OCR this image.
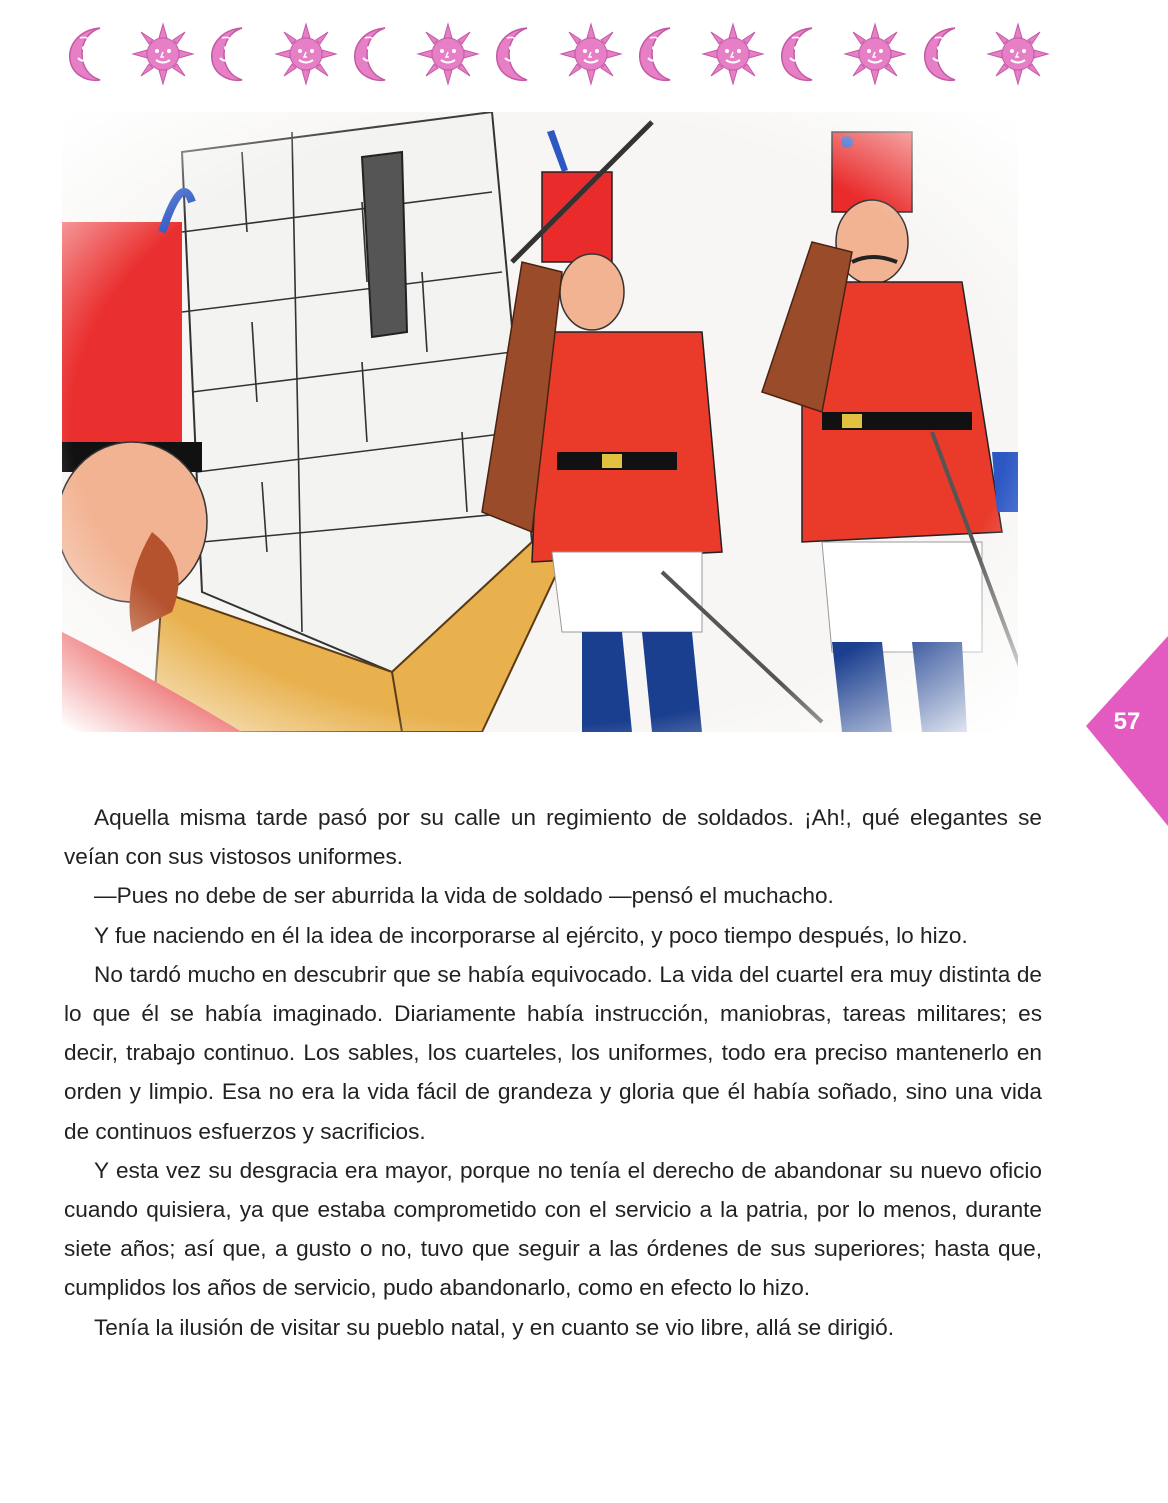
57

Aquella misma tarde pasó por su calle un regimiento de soldados. ¡Ah!, qué elegantes se veían con sus vistosos uniformes.

—Pues no debe de ser aburrida la vida de soldado —pensó el muchacho.

Y fue naciendo en él la idea de incorporarse al ejército, y poco tiempo después, lo hizo.

No tardó mucho en descubrir que se había equivocado. La vida del cuartel era muy distinta de lo que él se había imaginado. Diariamente había instrucción, maniobras, tareas militares; es decir, trabajo continuo. Los sables, los cuarteles, los uniformes, todo era preciso mantenerlo en orden y limpio. Esa no era la vida fácil de grandeza y gloria que él había soñado, sino una vida de continuos esfuerzos y sacrificios.

Y esta vez su desgracia era mayor, porque no tenía el derecho de abandonar su nuevo oficio cuando quisiera, ya que estaba comprometido con el servicio a la patria, por lo menos, durante siete años; así que, a gusto o no, tuvo que seguir a las órdenes de sus superiores; hasta que, cumplidos los años de servicio, pudo abandonarlo, como en efecto lo hizo.

Tenía la ilusión de visitar su pueblo natal, y en cuanto se vio libre, allá se dirigió.
